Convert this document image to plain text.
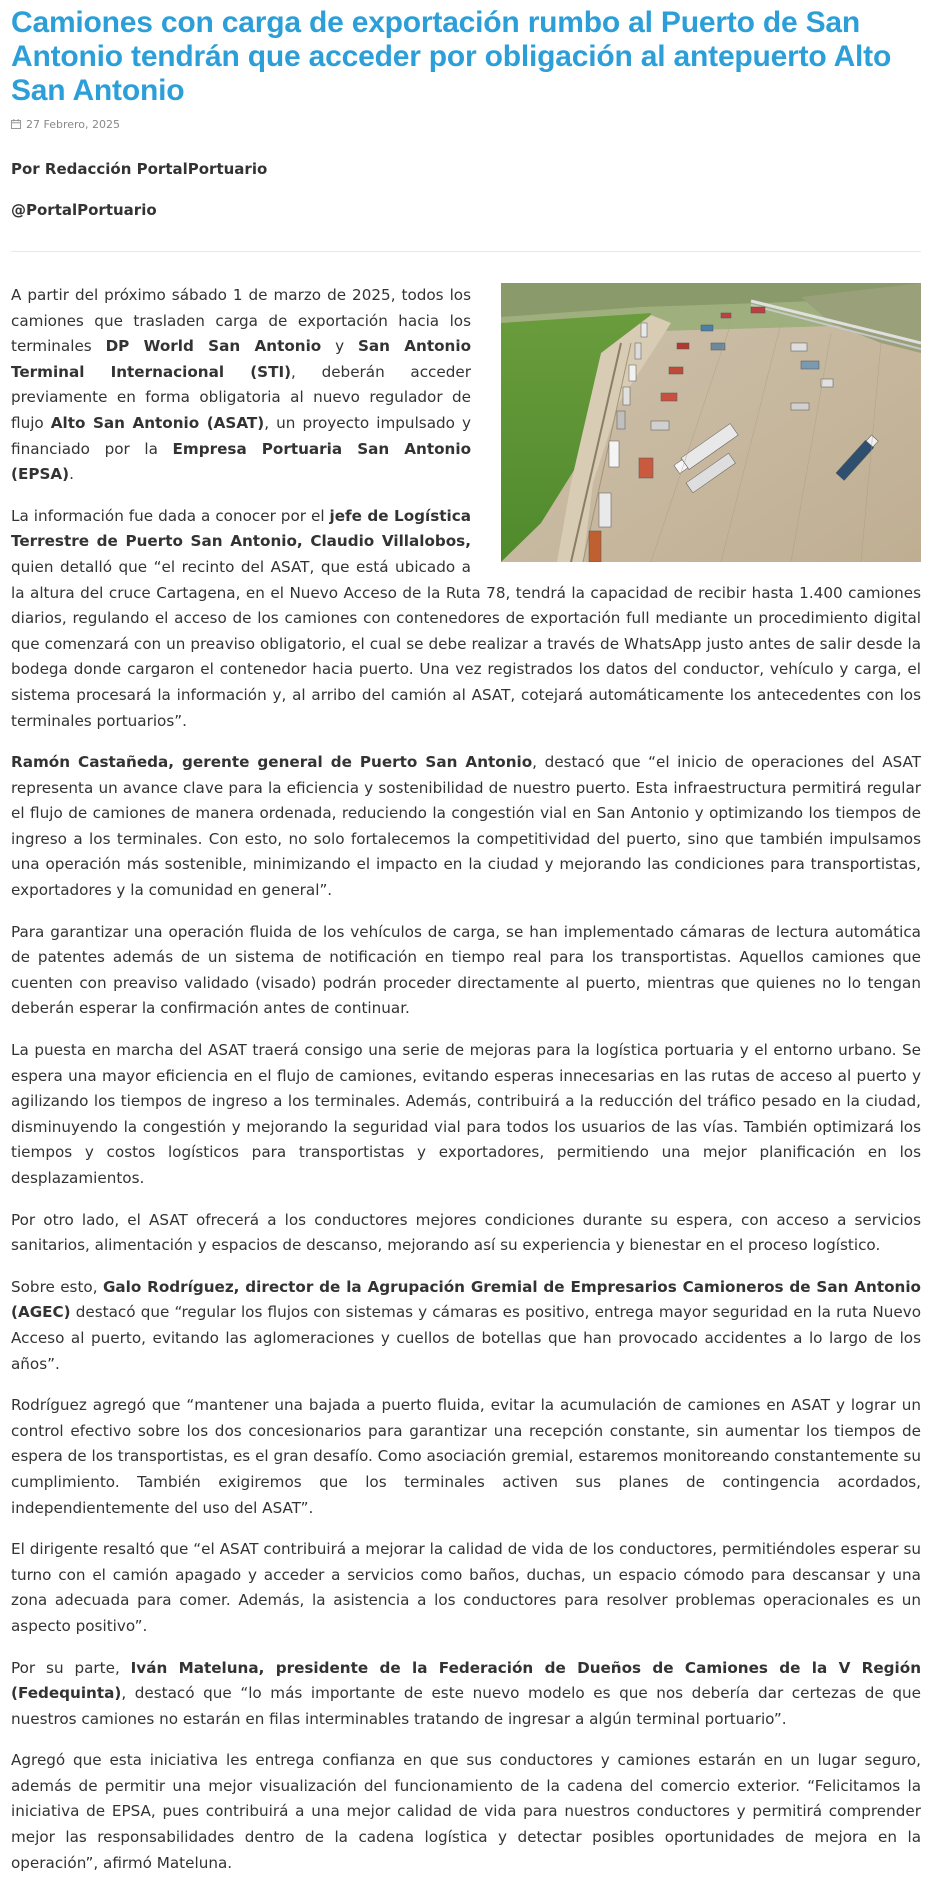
Camiones con carga de exportación rumbo al Puerto de San Antonio tendrán que acceder por obligación al antepuerto Alto San Antonio
27 Febrero, 2025

Por Redacción PortalPortuario

@PortalPortuario

A partir del próximo sábado 1 de marzo de 2025, todos los camiones que trasladen carga de exportación hacia los terminales DP World San Antonio y San Antonio Terminal Internacional (STI), deberán acceder previamente en forma obligatoria al nuevo regulador de flujo Alto San Antonio (ASAT), un proyecto impulsado y financiado por la Empresa Portuaria San Antonio (EPSA).

La información fue dada a conocer por el jefe de Logística Terrestre de Puerto San Antonio, Claudio Villalobos, quien detalló que “el recinto del ASAT, que está ubicado a la altura del cruce Cartagena, en el Nuevo Acceso de la Ruta 78, tendrá la capacidad de recibir hasta 1.400 camiones diarios, regulando el acceso de los camiones con contenedores de exportación full mediante un procedimiento digital que comenzará con un preaviso obligatorio, el cual se debe realizar a través de WhatsApp justo antes de salir desde la bodega donde cargaron el contenedor hacia puerto. Una vez registrados los datos del conductor, vehículo y carga, el sistema procesará la información y, al arribo del camión al ASAT, cotejará automáticamente los antecedentes con los terminales portuarios”.

Ramón Castañeda, gerente general de Puerto San Antonio, destacó que “el inicio de operaciones del ASAT representa un avance clave para la eficiencia y sostenibilidad de nuestro puerto. Esta infraestructura permitirá regular el flujo de camiones de manera ordenada, reduciendo la congestión vial en San Antonio y optimizando los tiempos de ingreso a los terminales. Con esto, no solo fortalecemos la competitividad del puerto, sino que también impulsamos una operación más sostenible, minimizando el impacto en la ciudad y mejorando las condiciones para transportistas, exportadores y la comunidad en general”.

Para garantizar una operación fluida de los vehículos de carga, se han implementado cámaras de lectura automática de patentes además de un sistema de notificación en tiempo real para los transportistas. Aquellos camiones que cuenten con preaviso validado (visado) podrán proceder directamente al puerto, mientras que quienes no lo tengan deberán esperar la confirmación antes de continuar.

La puesta en marcha del ASAT traerá consigo una serie de mejoras para la logística portuaria y el entorno urbano. Se espera una mayor eficiencia en el flujo de camiones, evitando esperas innecesarias en las rutas de acceso al puerto y agilizando los tiempos de ingreso a los terminales. Además, contribuirá a la reducción del tráfico pesado en la ciudad, disminuyendo la congestión y mejorando la seguridad vial para todos los usuarios de las vías. También optimizará los tiempos y costos logísticos para transportistas y exportadores, permitiendo una mejor planificación en los desplazamientos.

Por otro lado, el ASAT ofrecerá a los conductores mejores condiciones durante su espera, con acceso a servicios sanitarios, alimentación y espacios de descanso, mejorando así su experiencia y bienestar en el proceso logístico.

Sobre esto, Galo Rodríguez, director de la Agrupación Gremial de Empresarios Camioneros de San Antonio (AGEC) destacó que “regular los flujos con sistemas y cámaras es positivo, entrega mayor seguridad en la ruta Nuevo Acceso al puerto, evitando las aglomeraciones y cuellos de botellas que han provocado accidentes a lo largo de los años”.

Rodríguez agregó que “mantener una bajada a puerto fluida, evitar la acumulación de camiones en ASAT y lograr un control efectivo sobre los dos concesionarios para garantizar una recepción constante, sin aumentar los tiempos de espera de los transportistas, es el gran desafío. Como asociación gremial, estaremos monitoreando constantemente su cumplimiento. También exigiremos que los terminales activen sus planes de contingencia acordados, independientemente del uso del ASAT”.

El dirigente resaltó que “el ASAT contribuirá a mejorar la calidad de vida de los conductores, permitiéndoles esperar su turno con el camión apagado y acceder a servicios como baños, duchas, un espacio cómodo para descansar y una zona adecuada para comer. Además, la asistencia a los conductores para resolver problemas operacionales es un aspecto positivo”.

Por su parte, Iván Mateluna, presidente de la Federación de Dueños de Camiones de la V Región (Fedequinta), destacó que “lo más importante de este nuevo modelo es que nos debería dar certezas de que nuestros camiones no estarán en filas interminables tratando de ingresar a algún terminal portuario”.

Agregó que esta iniciativa les entrega confianza en que sus conductores y camiones estarán en un lugar seguro, además de permitir una mejor visualización del funcionamiento de la cadena del comercio exterior. “Felicitamos la iniciativa de EPSA, pues contribuirá a una mejor calidad de vida para nuestros conductores y permitirá comprender mejor las responsabilidades dentro de la cadena logística y detectar posibles oportunidades de mejora en la operación”, afirmó Mateluna.
